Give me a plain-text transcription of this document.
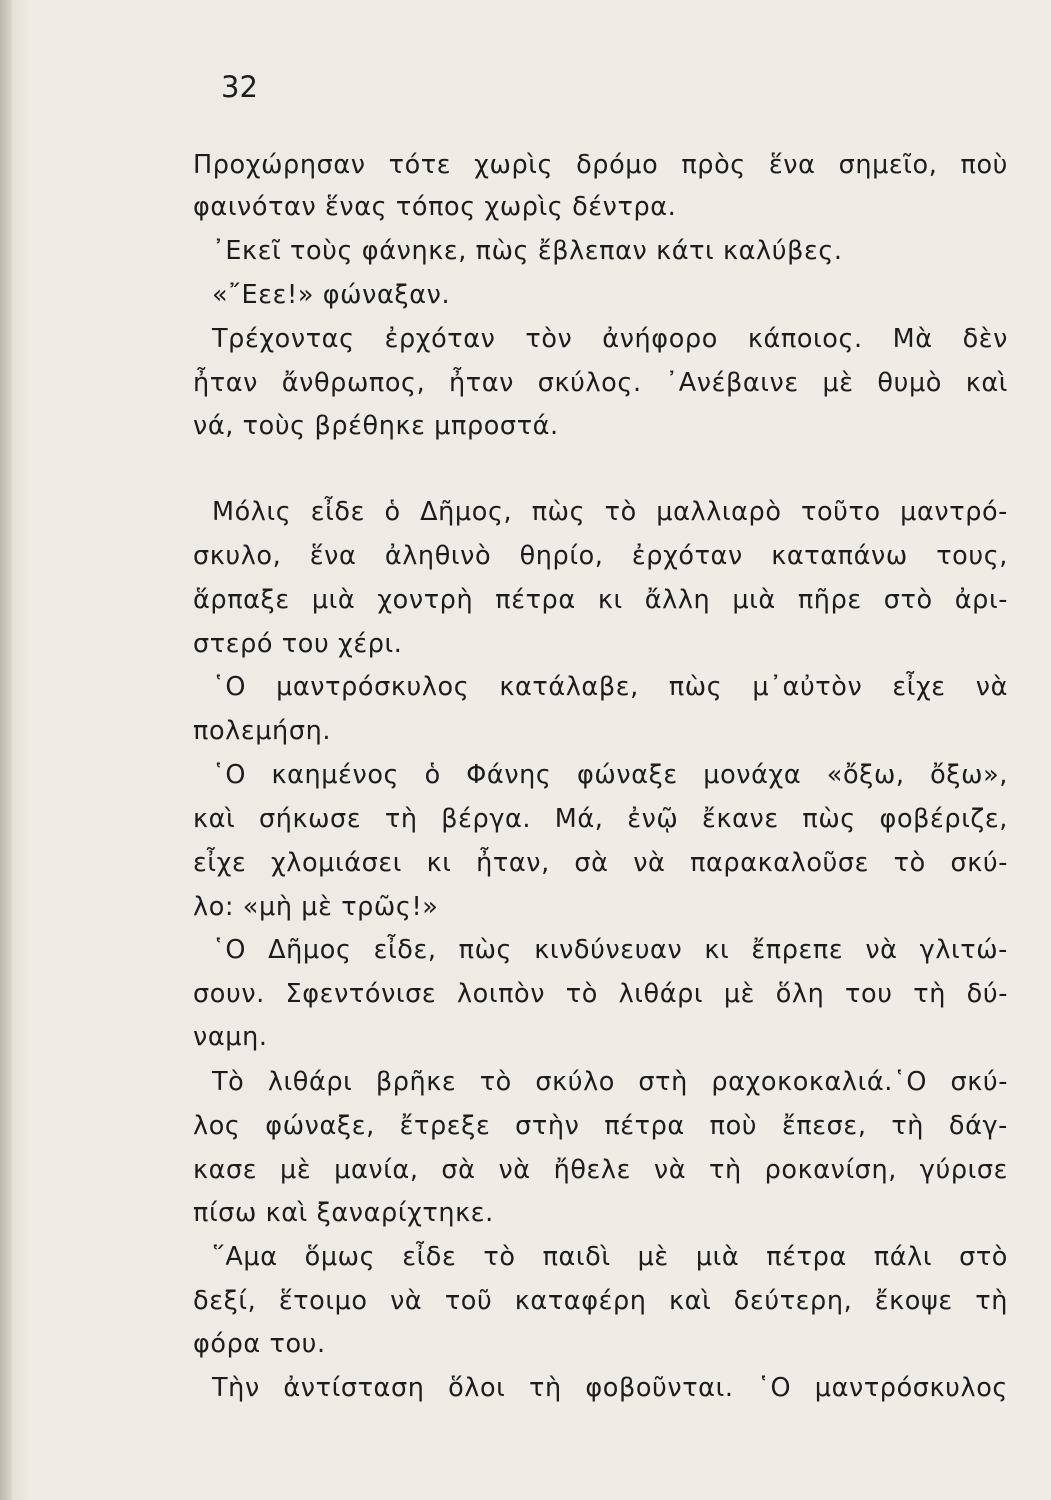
32
Προχώρησαν τότε χωρὶς δρόμο πρὸς ἕνα σημεῖο, ποὺ
φαινόταν ἕνας τόπος χωρὶς δέντρα.
᾿Εκεῖ τοὺς φάνηκε, πὼς ἔβλεπαν κάτι καλύβες.
«῎Εεε!» φώναξαν.
Τρέχοντας ἐρχόταν τὸν ἀνήφορο κάποιος. Μὰ δὲν
ἦταν ἄνθρωπος, ἦταν σκύλος. ᾿Ανέβαινε μὲ θυμὸ καὶ
νά, τοὺς βρέθηκε μπροστά.
Μόλις εἶδε ὁ Δῆμος, πὼς τὸ μαλλιαρὸ τοῦτο μαντρό-
σκυλο, ἕνα ἀληθινὸ θηρίο, ἐρχόταν καταπάνω τους,
ἅρπαξε μιὰ χοντρὴ πέτρα κι ἄλλη μιὰ πῆρε στὸ ἀρι-
στερό του χέρι.
῾Ο μαντρόσκυλος κατάλαβε, πὼς μ᾿αὐτὸν εἶχε νὰ
πολεμήση.
῾Ο καημένος ὁ Φάνης φώναξε μονάχα «ὄξω, ὄξω»,
καὶ σήκωσε τὴ βέργα. Μά, ἐνῷ ἔκανε πὼς φοβέριζε,
εἶχε χλομιάσει κι ἦταν, σὰ νὰ παρακαλοῦσε τὸ σκύ-
λο: «μὴ μὲ τρῶς!»
῾Ο Δῆμος εἶδε, πὼς κινδύνευαν κι ἔπρεπε νὰ γλιτώ-
σουν. Σφεντόνισε λοιπὸν τὸ λιθάρι μὲ ὅλη του τὴ δύ-
ναμη.
Τὸ λιθάρι βρῆκε τὸ σκύλο στὴ ραχοκοκαλιά.῾Ο σκύ-
λος φώναξε, ἔτρεξε στὴν πέτρα ποὺ ἔπεσε, τὴ δάγ-
κασε μὲ μανία, σὰ νὰ ἤθελε νὰ τὴ ροκανίση, γύρισε
πίσω καὶ ξαναρίχτηκε.
῞Αμα ὅμως εἶδε τὸ παιδὶ μὲ μιὰ πέτρα πάλι στὸ
δεξί, ἕτοιμο νὰ τοῦ καταφέρη καὶ δεύτερη, ἔκοψε τὴ
φόρα του.
Τὴν ἀντίσταση ὅλοι τὴ φοβοῦνται. ῾Ο μαντρόσκυλος
